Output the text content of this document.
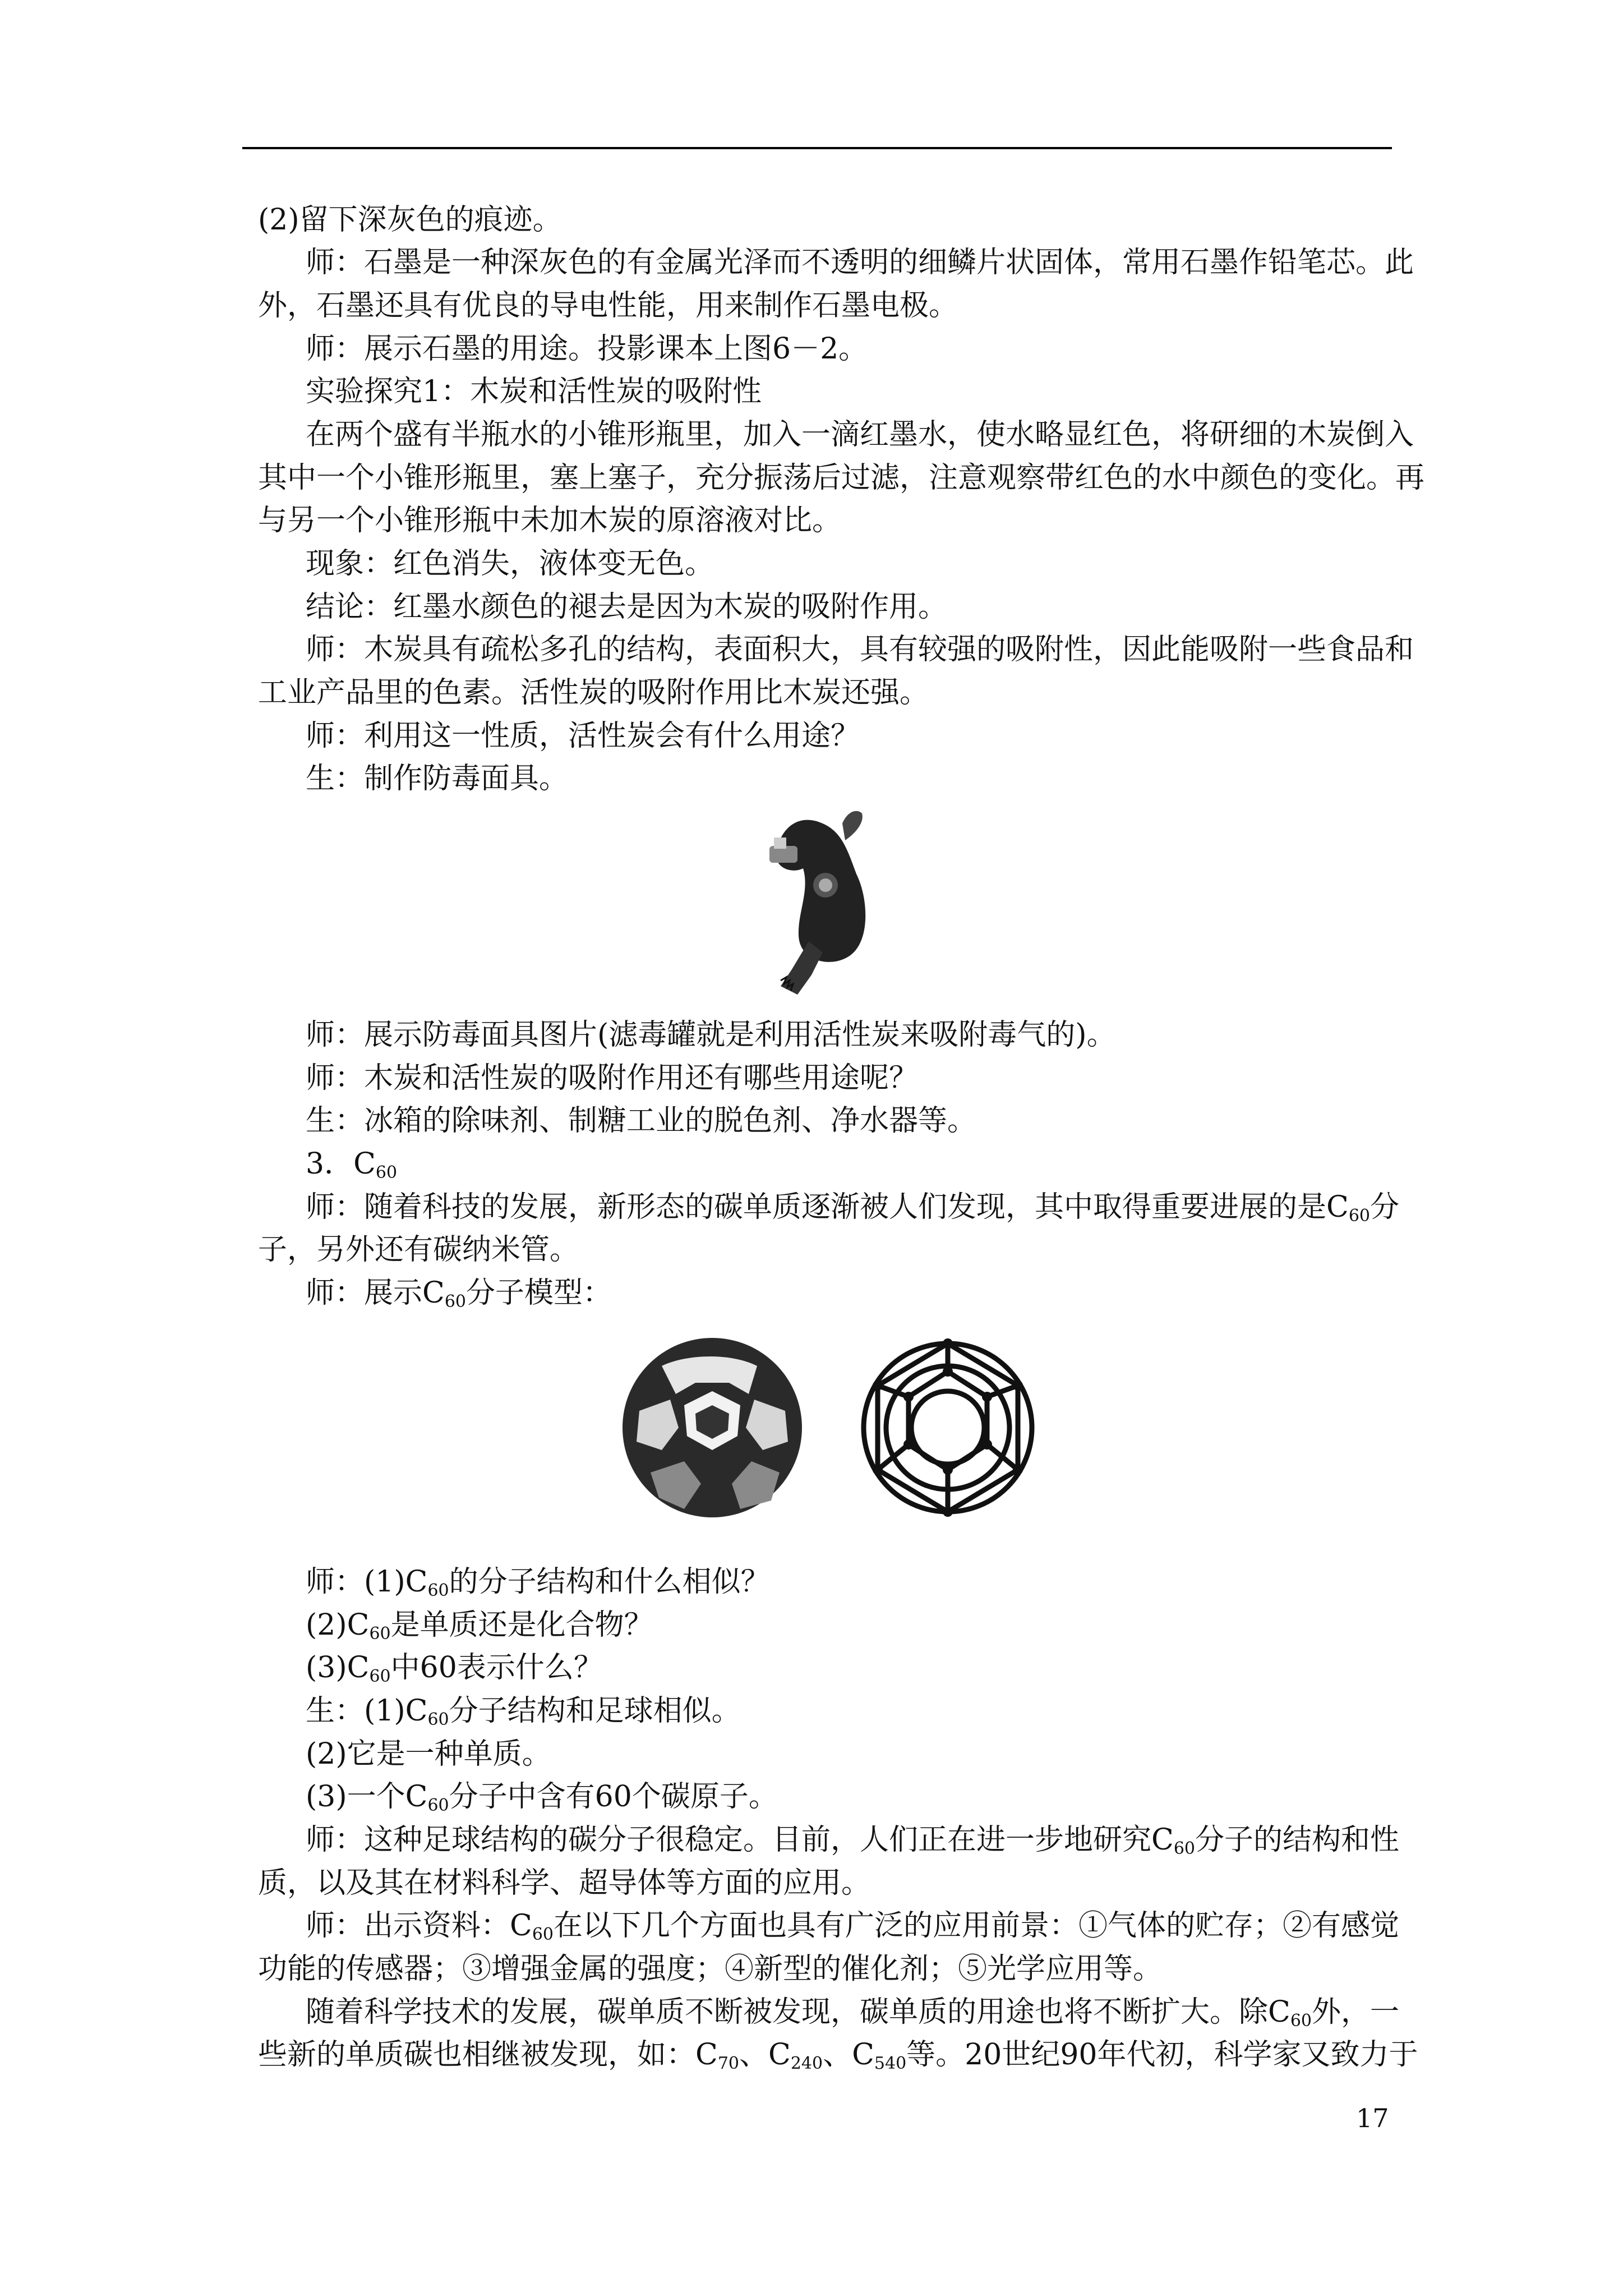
(2)留下深灰色的痕迹。
师：石墨是一种深灰色的有金属光泽而不透明的细鳞片状固体，常用石墨作铅笔芯。此
外，石墨还具有优良的导电性能，用来制作石墨电极。
师：展示石墨的用途。投影课本上图6－2。
实验探究1：木炭和活性炭的吸附性
在两个盛有半瓶水的小锥形瓶里，加入一滴红墨水，使水略显红色，将研细的木炭倒入
其中一个小锥形瓶里，塞上塞子，充分振荡后过滤，注意观察带红色的水中颜色的变化。再
与另一个小锥形瓶中未加木炭的原溶液对比。
现象：红色消失，液体变无色。
结论：红墨水颜色的褪去是因为木炭的吸附作用。
师：木炭具有疏松多孔的结构，表面积大，具有较强的吸附性，因此能吸附一些食品和
工业产品里的色素。活性炭的吸附作用比木炭还强。
师：利用这一性质，活性炭会有什么用途？
生：制作防毒面具。
师：展示防毒面具图片(滤毒罐就是利用活性炭来吸附毒气的)。
师：木炭和活性炭的吸附作用还有哪些用途呢？
生：冰箱的除味剂、制糖工业的脱色剂、净水器等。
3．$C_{60}$
师：随着科技的发展，新形态的碳单质逐渐被人们发现，其中取得重要进展的是$C_{60}$分
子，另外还有碳纳米管。
师：展示$C_{60}$分子模型：
师：$(1)C_{60}$的分子结构和什么相似？
$(2)C_{60}$是单质还是化合物？
$(3)C_{60}$中60表示什么？
生：$(1)C_{60}$分子结构和足球相似。
(2)它是一种单质。
(3)一个$C_{60}$分子中含有60个碳原子。
师：这种足球结构的碳分子很稳定。目前，人们正在进一步地研究$C_{60}$分子的结构和性
质，以及其在材料科学、超导体等方面的应用。
师：出示资料：$C_{60}$在以下几个方面也具有广泛的应用前景：①气体的贮存；②有感觉
功能的传感器；③增强金属的强度；④新型的催化剂；⑤光学应用等。
随着科学技术的发展，碳单质不断被发现，碳单质的用途也将不断扩大。除$C_{60}$外，一
些新的单质碳也相继被发现，如：$C_{70}$、$C_{240}$、$C_{540}$等。20世纪90年代初，科学家又致力于
17
